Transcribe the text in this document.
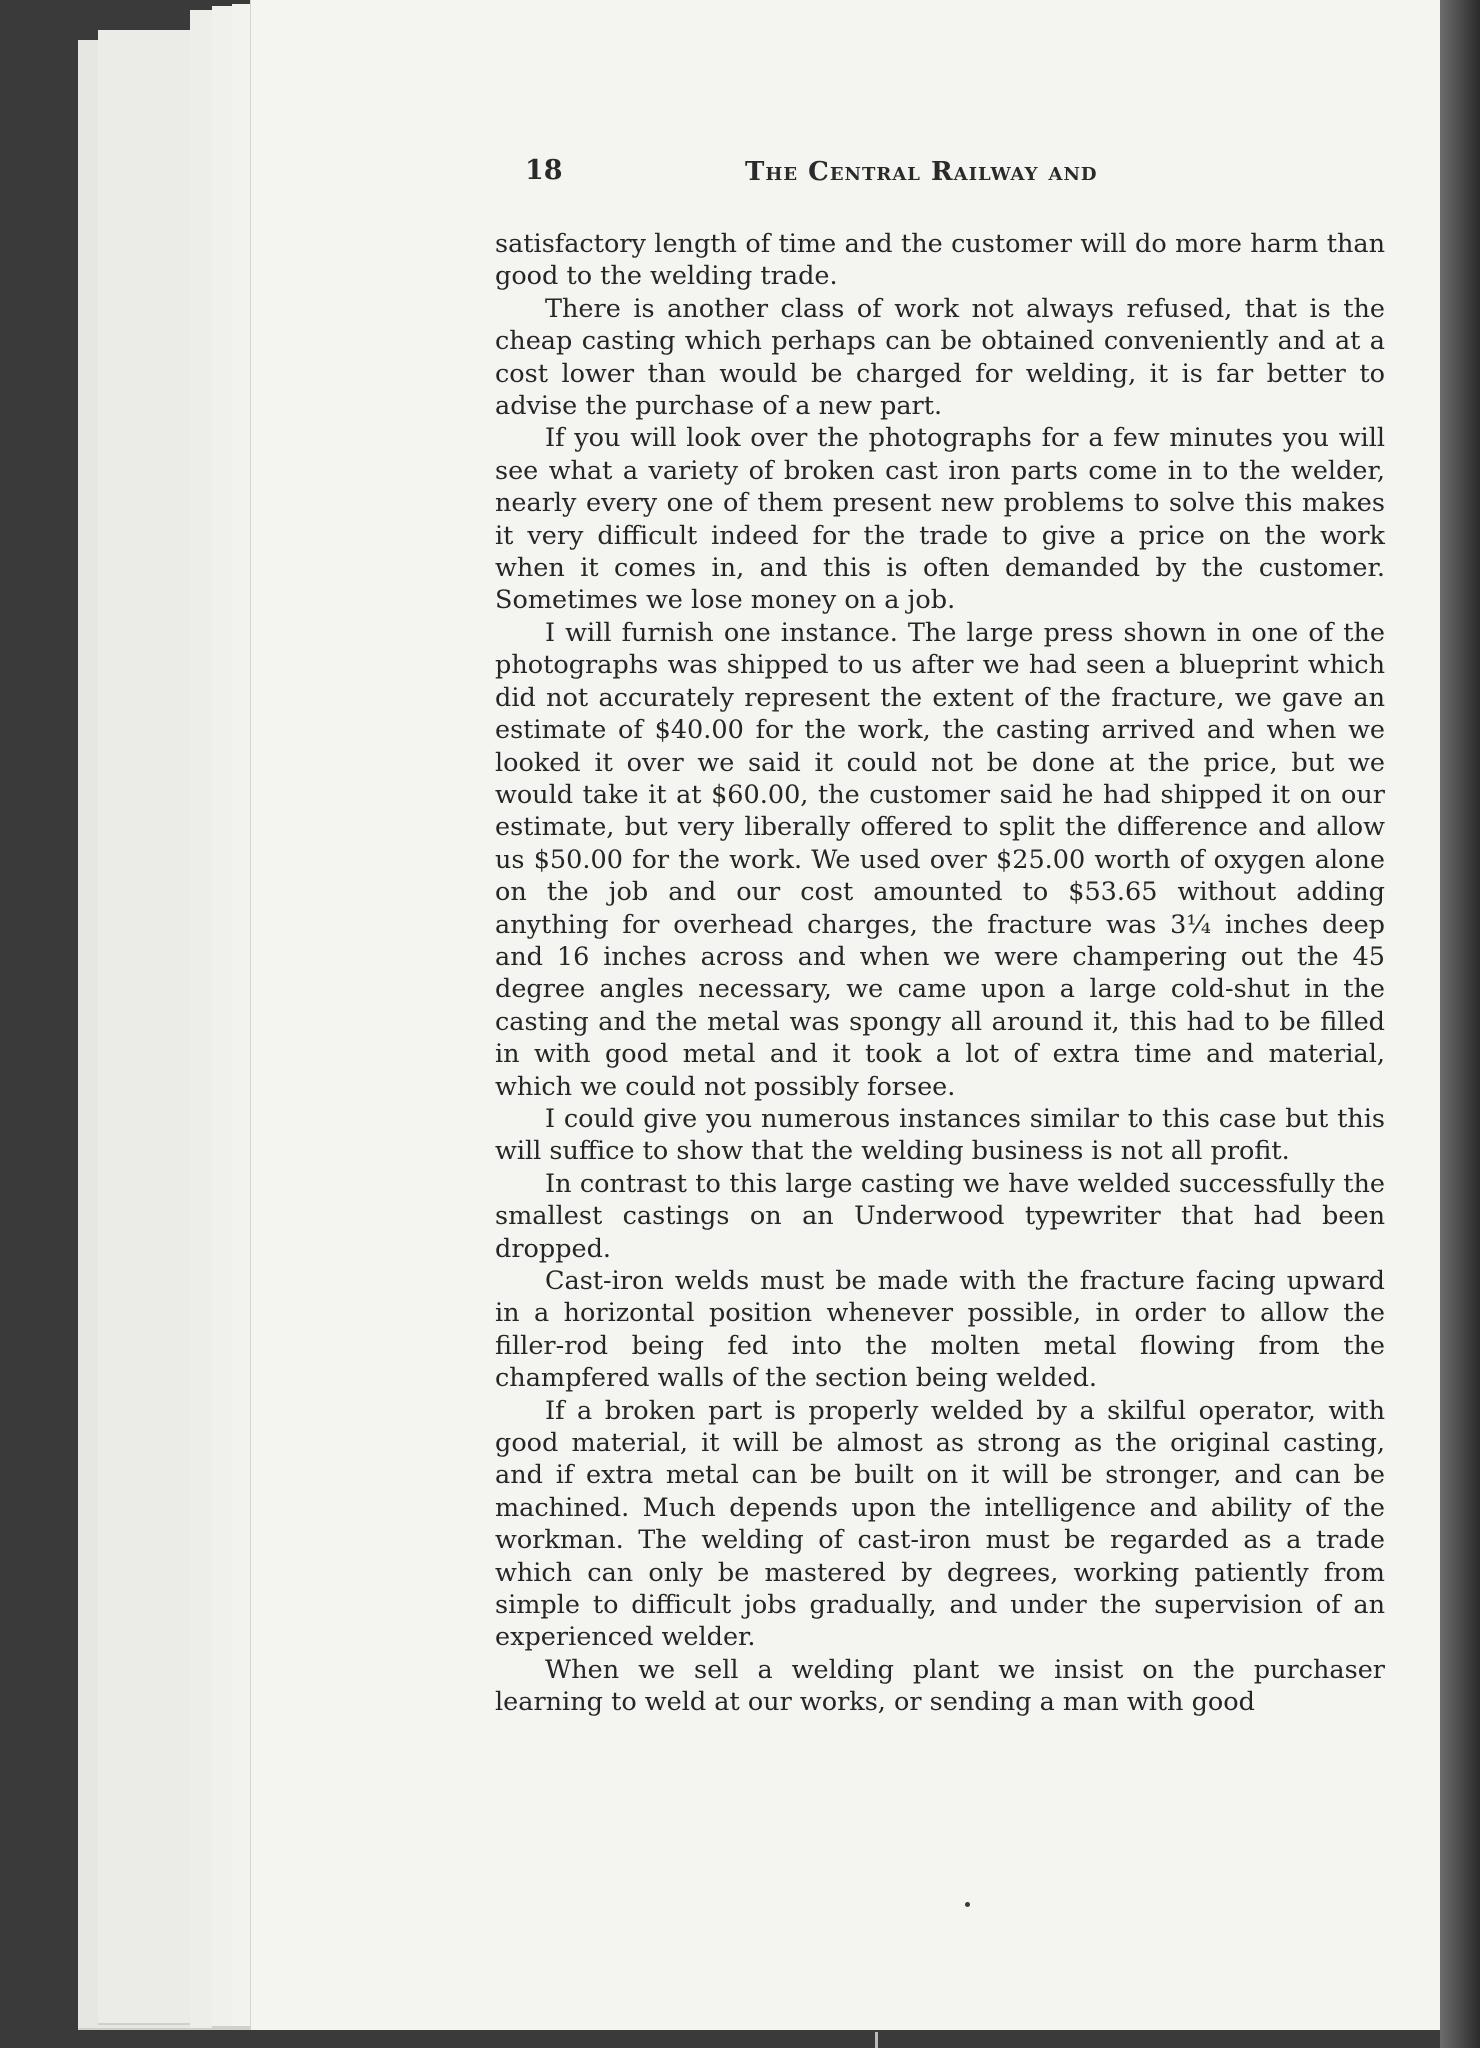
18	The Central Railway and

satisfactory length of time and the customer will do more harm than good to the welding trade.

There is another class of work not always refused, that is the cheap casting which perhaps can be obtained conveniently and at a cost lower than would be charged for welding, it is far better to advise the purchase of a new part.

If you will look over the photographs for a few minutes you will see what a variety of broken cast iron parts come in to the welder, nearly every one of them present new problems to solve this makes it very difficult indeed for the trade to give a price on the work when it comes in, and this is often demanded by the customer. Sometimes we lose money on a job.

I will furnish one instance. The large press shown in one of the photographs was shipped to us after we had seen a blueprint which did not accurately represent the extent of the fracture, we gave an estimate of $40.00 for the work, the casting arrived and when we looked it over we said it could not be done at the price, but we would take it at $60.00, the customer said he had shipped it on our estimate, but very liberally offered to split the difference and allow us $50.00 for the work. We used over $25.00 worth of oxygen alone on the job and our cost amounted to $53.65 without adding anything for overhead charges, the fracture was 3¼ inches deep and 16 inches across and when we were champering out the 45 degree angles necessary, we came upon a large cold-shut in the casting and the metal was spongy all around it, this had to be filled in with good metal and it took a lot of extra time and material, which we could not possibly forsee.

I could give you numerous instances similar to this case but this will suffice to show that the welding business is not all profit.

In contrast to this large casting we have welded successfully the smallest castings on an Underwood typewriter that had been dropped.

Cast-iron welds must be made with the fracture facing upward in a horizontal position whenever possible, in order to allow the filler-rod being fed into the molten metal flowing from the champfered walls of the section being welded.

If a broken part is properly welded by a skilful operator, with good material, it will be almost as strong as the original casting, and if extra metal can be built on it will be stronger, and can be machined. Much depends upon the intelligence and ability of the workman. The welding of cast-iron must be regarded as a trade which can only be mastered by degrees, working patiently from simple to difficult jobs gradually, and under the supervision of an experienced welder.

When we sell a welding plant we insist on the purchaser learning to weld at our works, or sending a man with good
